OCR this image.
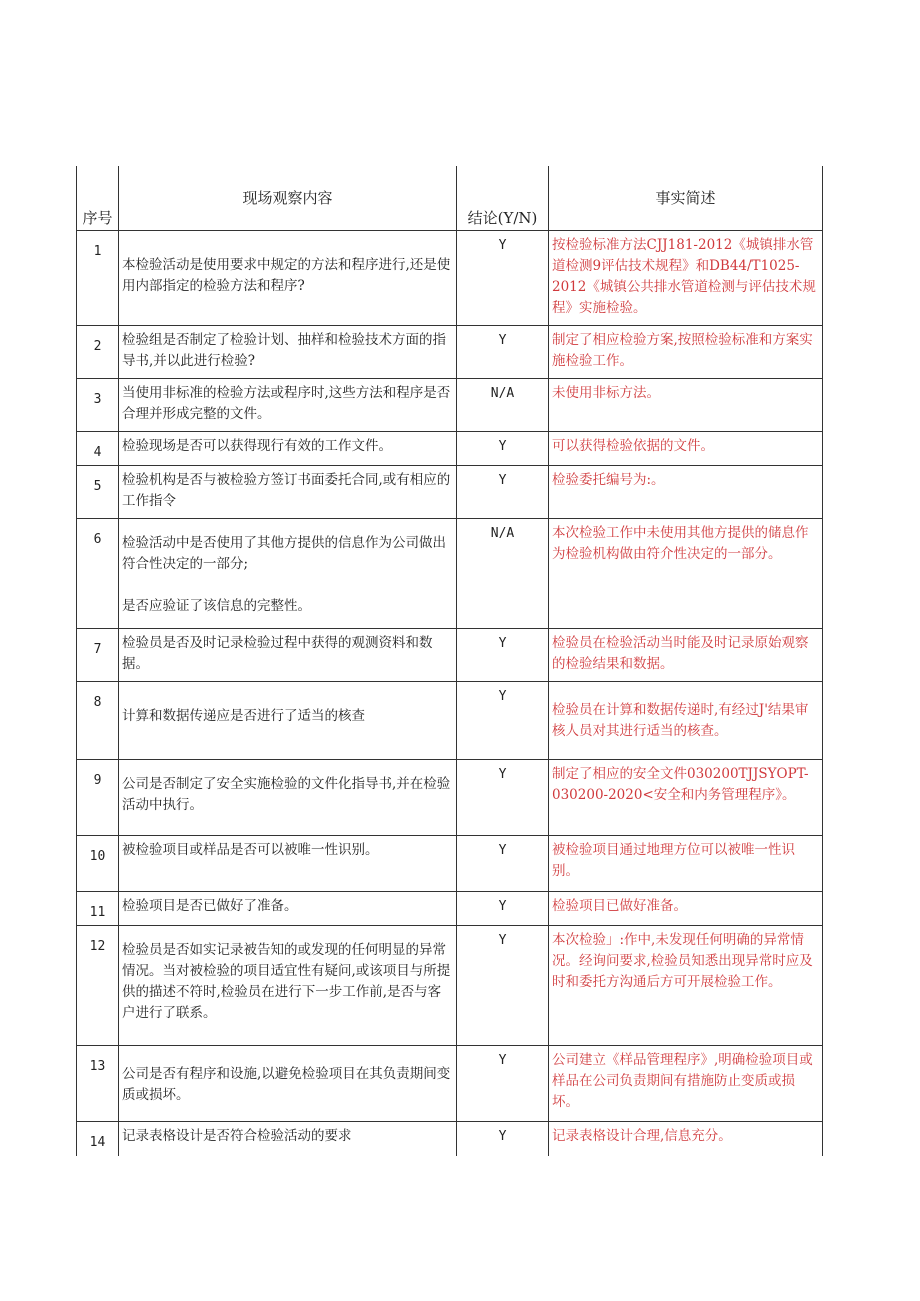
序号	现场观察内容	结论(Y/N)	事实简述

1	本检验活动是使用要求中规定的方法和程序进行,还是使用内部指定的检验方法和程序?	Y	按检验标准方法CJJ181-2012《城镇排水管道检测9评估技术规程》和DB44/T1025-2012《城镇公共排水管道检测与评估技术规程》实施检验。
2	检验组是否制定了检验计划、抽样和检验技术方面的指导书,并以此进行检验?	Y	制定了相应检验方案,按照检验标准和方案实施检验工作。
3	当使用非标准的检验方法或程序时,这些方法和程序是否合理并形成完整的文件。	N/A	未使用非标方法。
4	检验现场是否可以获得现行有效的工作文件。	Y	可以获得检验依据的文件。
5	检验机构是否与被检验方签订书面委托合同,或有相应的工作指令	Y	检验委托编号为:。
6	检验活动中是否使用了其他方提供的信息作为公司做出符合性决定的一部分;
是否应验证了该信息的完整性。	N/A	本次检验工作中未使用其他方提供的储息作为检验机构做由符介性决定的一部分。
7	检验员是否及时记录检验过程中获得的观测资料和数据。	Y	检验员在检验活动当时能及时记录原始观察的检验结果和数据。
8	计算和数据传递应是否进行了适当的核查	Y	检验员在计算和数据传递时,有经过J'结果审核人员对其进行适当的核查。
9	公司是否制定了安全实施检验的文件化指导书,并在检验活动中执行。	Y	制定了相应的安全文件030200TJJSYOPT-030200-2020<安全和内务管理程序》。
10	被检验项目或样品是否可以被唯一性识别。	Y	被检验项目通过地理方位可以被唯一性识别。
11	检验项目是否已做好了准备。	Y	检验项目已做好准备。
12	检验员是否如实记录被告知的或发现的任何明显的异常情况。当对被检验的项目适宜性有疑问,或该项目与所提供的描述不符时,检验员在进行下一步工作前,是否与客户进行了联系。	Y	本次检验」:作中,未发现任何明确的异常情况。经询问要求,检验员知悉出现异常时应及时和委托方沟通后方可开展检验工作。
13	公司是否有程序和设施,以避免检验项目在其负责期间变质或损坏。	Y	公司建立《样品管理程序》,明确检验项目或样品在公司负责期间有措施防止变质或损坏。
14	记录表格设计是否符合检验活动的要求	Y	记录表格设计合理,信息充分。
